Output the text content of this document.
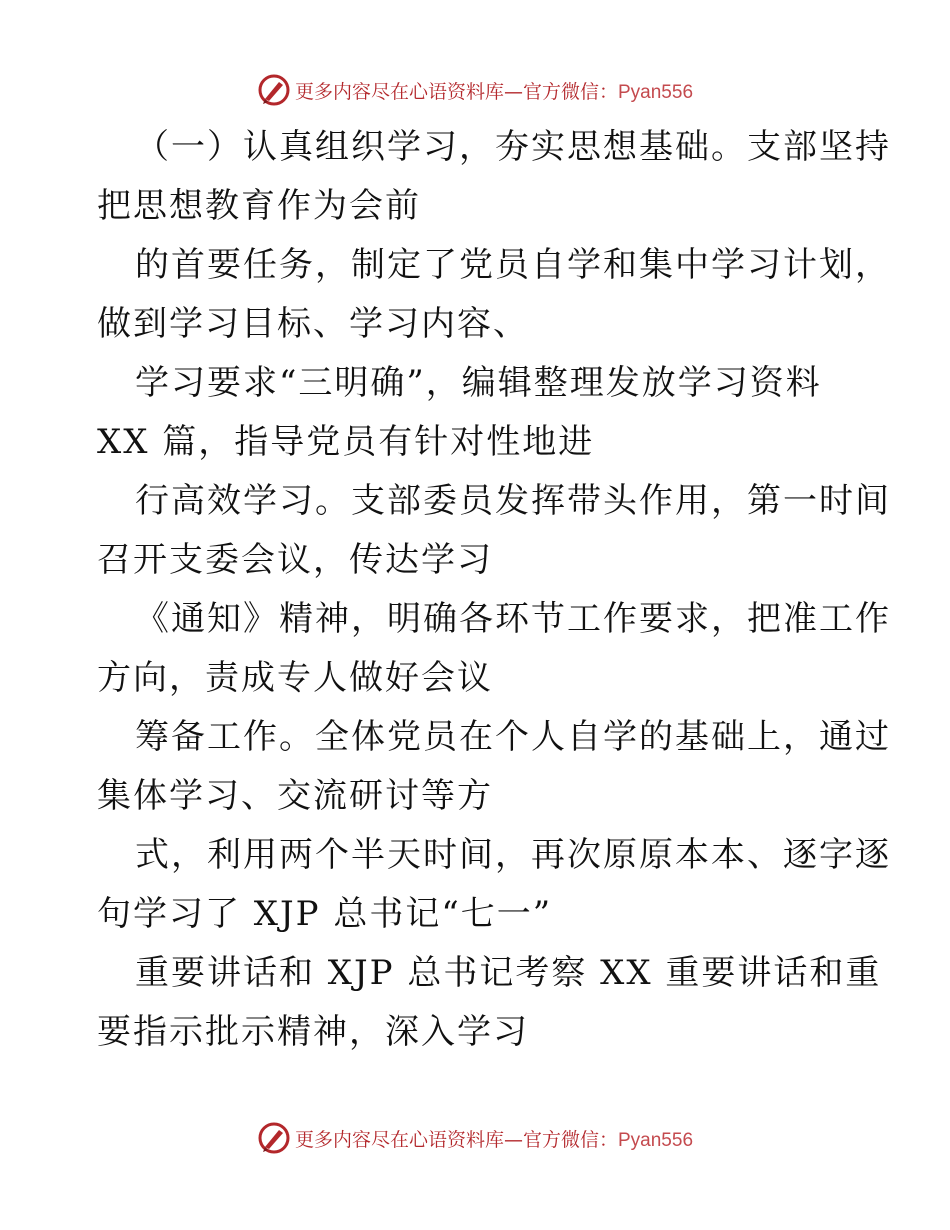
更多内容尽在心语资料库—官方微信：Pyan556
（一）认真组织学习，夯实思想基础。支部坚持
把思想教育作为会前
的首要任务，制定了党员自学和集中学习计划，
做到学习目标、学习内容、
学习要求“三明确”，编辑整理发放学习资料
XX 篇，指导党员有针对性地进
行高效学习。支部委员发挥带头作用，第一时间
召开支委会议，传达学习
《通知》精神，明确各环节工作要求，把准工作
方向，责成专人做好会议
筹备工作。全体党员在个人自学的基础上，通过
集体学习、交流研讨等方
式，利用两个半天时间，再次原原本本、逐字逐
句学习了 XJP 总书记“七一”
重要讲话和 XJP 总书记考察 XX 重要讲话和重
要指示批示精神，深入学习
更多内容尽在心语资料库—官方微信：Pyan556
